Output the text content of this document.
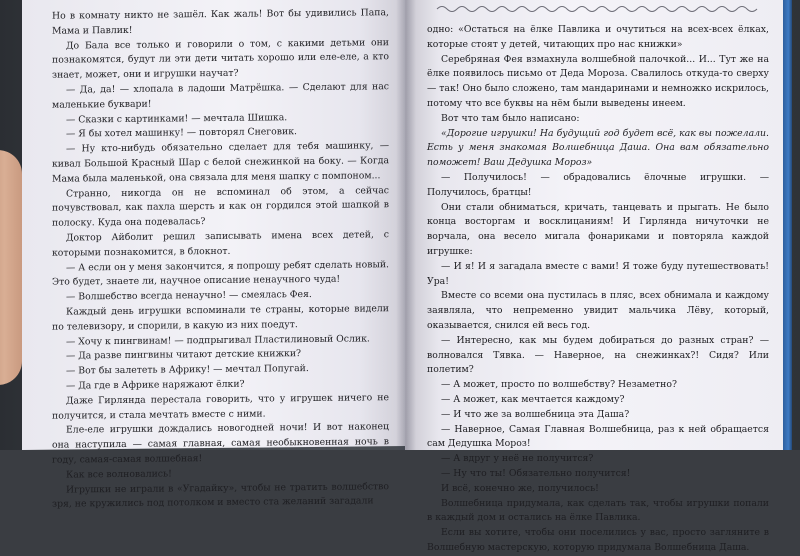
Но в комнату никто не зашёл. Как жаль! Вот бы удивились Папа, Мама и Павлик!

До Бала все только и говорили о том, с какими детьми они познакомятся, будут ли эти дети читать хорошо или еле-еле, а кто знает, может, они и игрушки научат?

— Да, да! — хлопала в ладоши Матрёшка. — Сделают для нас маленькие буквари!

— Сказки с картинками! — мечтала Шишка.

— Я бы хотел машинку! — повторял Снеговик.

— Ну кто-нибудь обязательно сделает для тебя машинку, — кивал Большой Красный Шар с белой снежинкой на боку. — Когда Мама была маленькой, она связала для меня шапку с помпоном...

Странно, никогда он не вспоминал об этом, а сейчас почувствовал, как пахла шерсть и как он гордился этой шапкой в полоску. Куда она подевалась?

Доктор Айболит решил записывать имена всех детей, с которыми познакомится, в блокнот.

— А если он у меня закончится, я попрошу ребят сделать новый. Это будет, знаете ли, научное описание ненаучного чуда!

— Волшебство всегда ненаучно! — смеялась Фея.

Каждый день игрушки вспоминали те страны, которые видели по телевизору, и спорили, в какую из них поедут.

— Хочу к пингвинам! — подпрыгивал Пластилиновый Ослик.

— Да разве пингвины читают детские книжки?

— Вот бы залететь в Африку! — мечтал Попугай.

— Да где в Африке наряжают ёлки?

Даже Гирлянда перестала говорить, что у игрушек ничего не получится, и стала мечтать вместе с ними.

Еле-еле игрушки дождались новогодней ночи! И вот наконец она наступила — самая главная, самая необыкновенная ночь в году, самая-самая волшебная!

Как все волновались!

Игрушки не играли в «Угадайку», чтобы не тратить волшебство зря, не кружились под потолком и вместо ста желаний загадали

одно: «Остаться на ёлке Павлика и очутиться на всех-всех ёлках, которые стоят у детей, читающих про нас книжки»

Серебряная Фея взмахнула волшебной палочкой... И... Тут же на ёлке появилось письмо от Деда Мороза. Свалилось откуда-то сверху — так! Оно было сложено, там мандаринами и немножко искрилось, потому что все буквы на нём были выведены инеем.

Вот что там было написано:

«Дорогие игрушки! На будущий год будет всё, как вы пожелали. Есть у меня знакомая Волшебница Даша. Она вам обязательно поможет! Ваш Дедушка Мороз»

— Получилось! — обрадовались ёлочные игрушки. — Получилось, братцы!

Они стали обниматься, кричать, танцевать и прыгать. Не было конца восторгам и восклицаниям! И Гирлянда ничуточки не ворчала, она весело мигала фонариками и повторяла каждой игрушке:

— И я! И я загадала вместе с вами! Я тоже буду путешествовать! Ура!

Вместе со всеми она пустилась в пляс, всех обнимала и каждому заявляла, что непременно увидит мальчика Лёву, который, оказывается, снился ей весь год.

— Интересно, как мы будем добираться до разных стран? — волновался Тявка. — Наверное, на снежинках?! Сидя? Или полетим?

— А может, просто по волшебству? Незаметно?

— А может, как мечтается каждому?

— И что же за волшебница эта Даша?

— Наверное, Самая Главная Волшебница, раз к ней обращается сам Дедушка Мороз!

— А вдруг у неё не получится?

— Ну что ты! Обязательно получится!

И всё, конечно же, получилось!

Волшебница придумала, как сделать так, чтобы игрушки попали в каждый дом и остались на ёлке Павлика.

Если вы хотите, чтобы они поселились у вас, просто загляните в Волшебную мастерскую, которую придумала Волшебница Даша.
